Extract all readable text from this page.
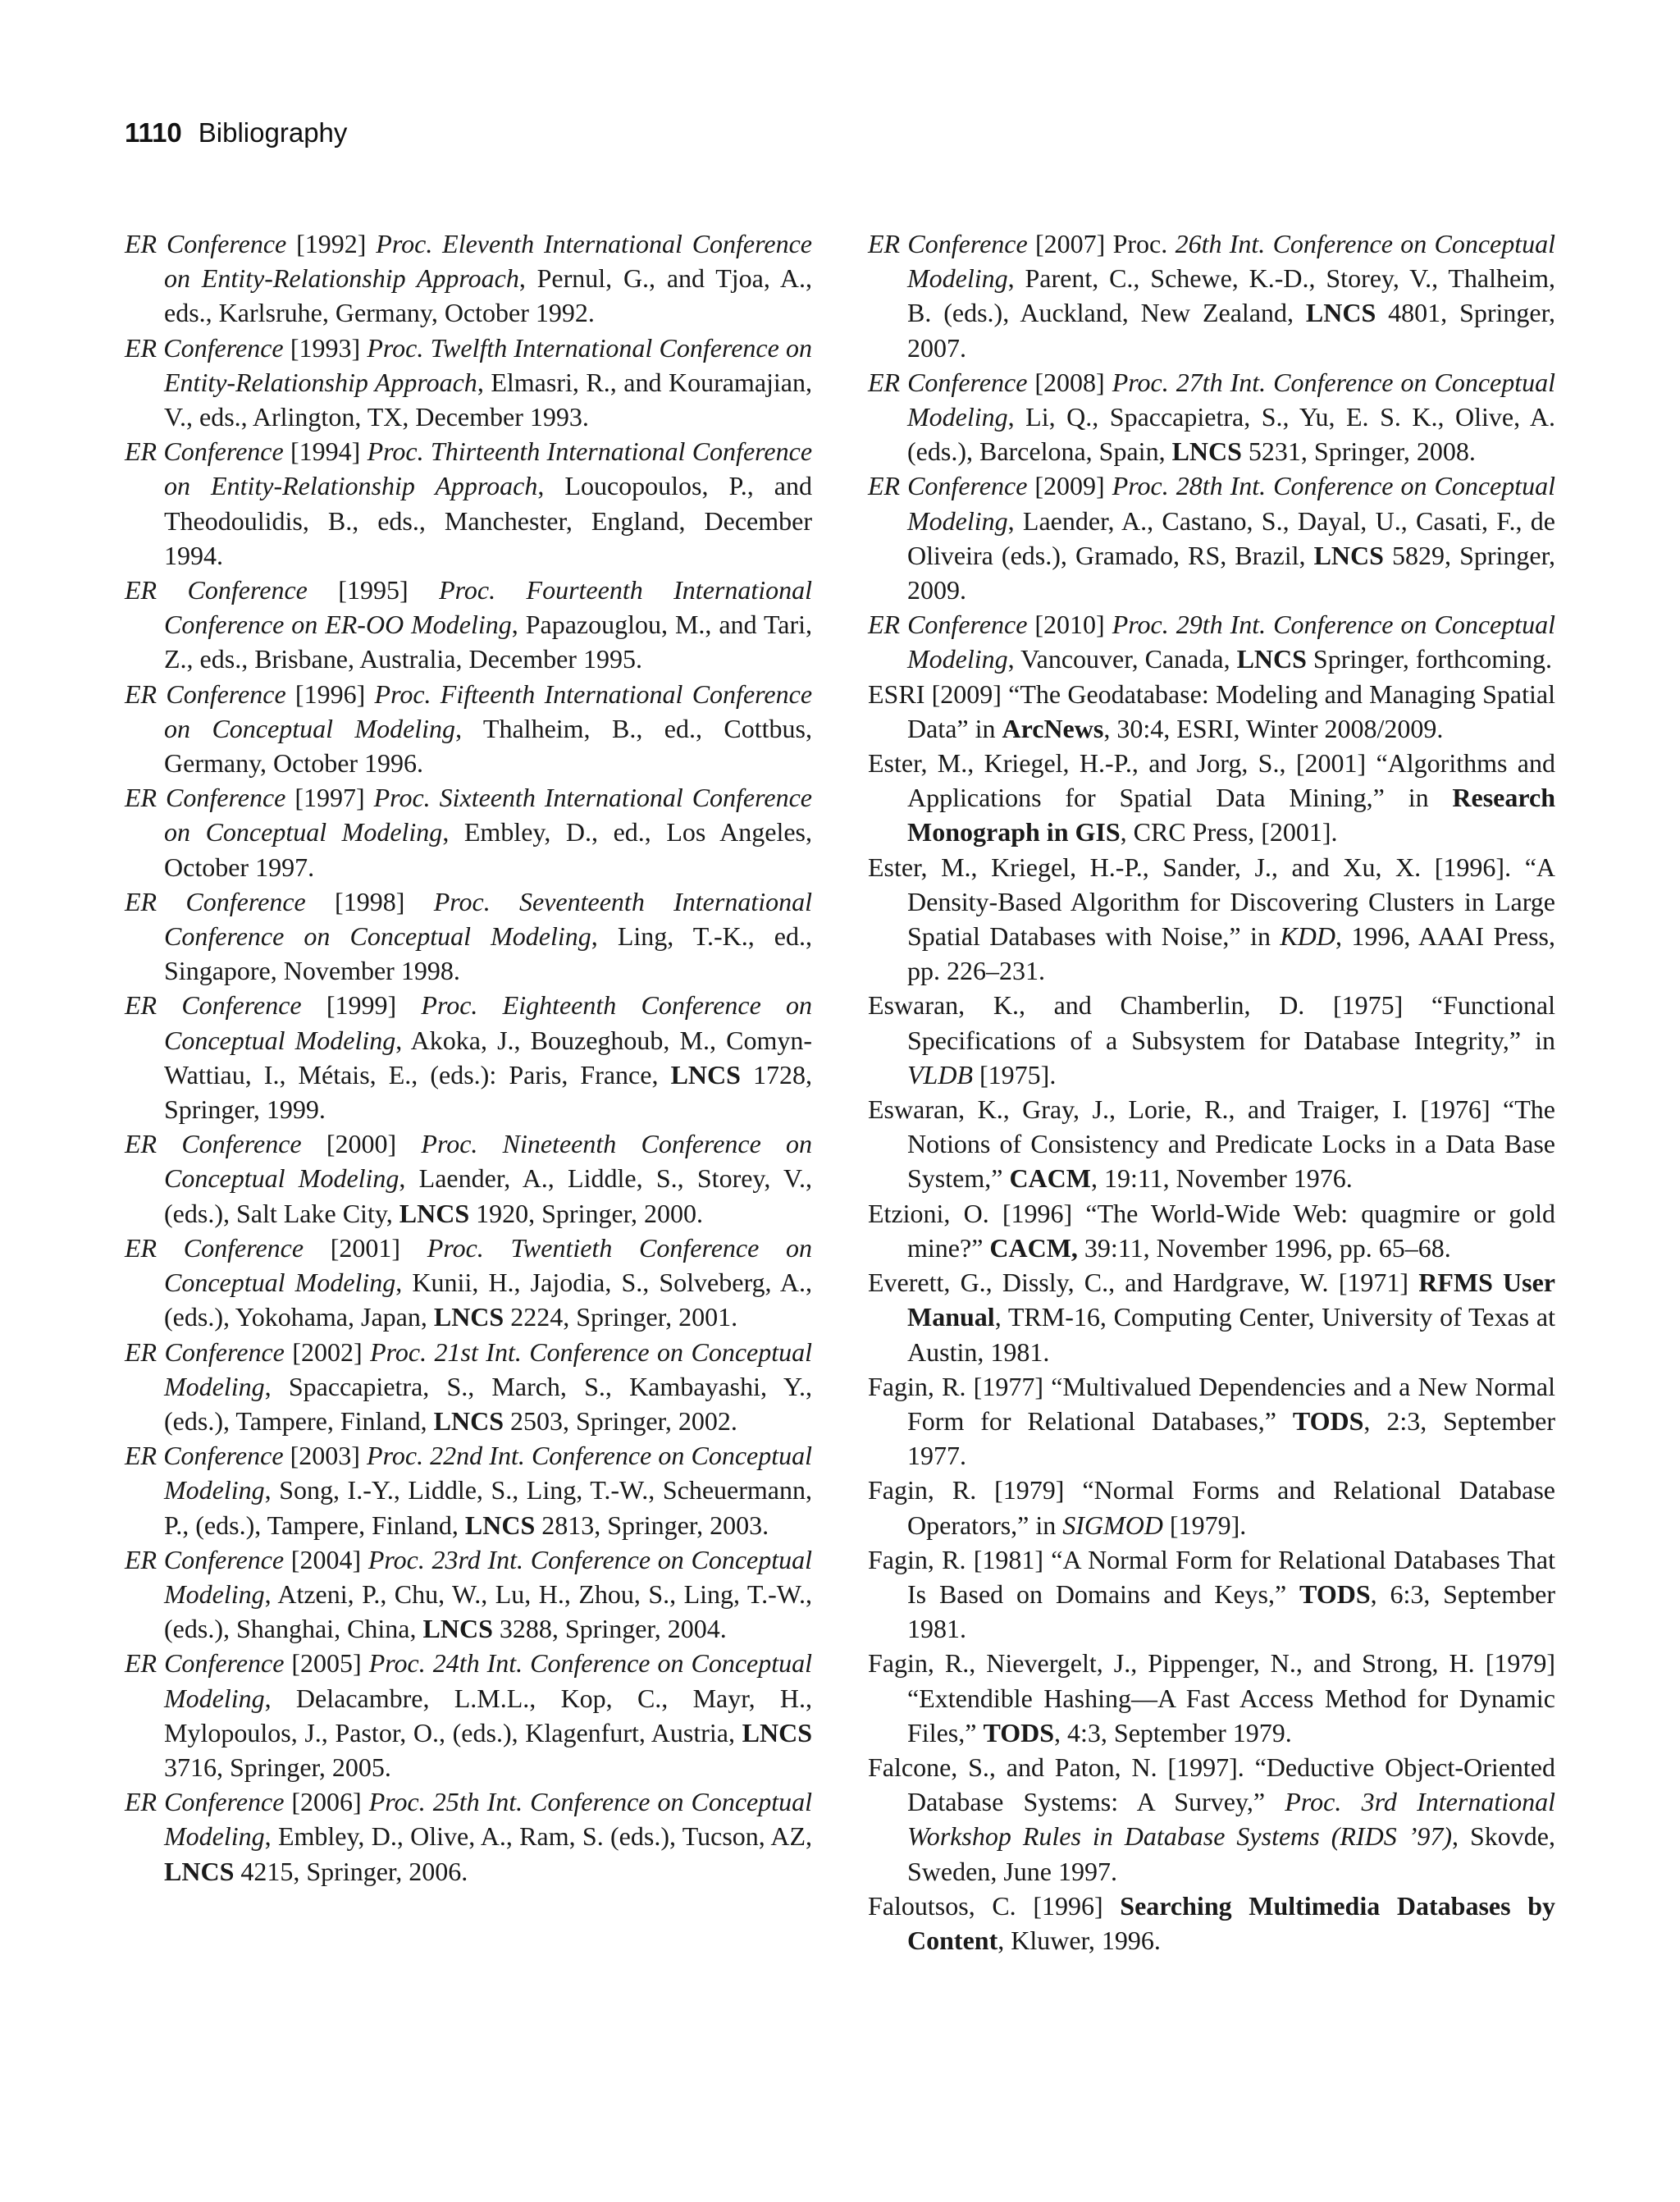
1110 Bibliography

ER Conference [1992] Proc. Eleventh International Conference on Entity-Relationship Approach, Pernul, G., and Tjoa, A., eds., Karlsruhe, Germany, October 1992.

ER Conference [1993] Proc. Twelfth International Conference on Entity-Relationship Approach, Elmasri, R., and Kouramajian, V., eds., Arlington, TX, December 1993.

ER Conference [1994] Proc. Thirteenth International Conference on Entity-Relationship Approach, Loucopoulos, P., and Theodoulidis, B., eds., Manchester, England, December 1994.

ER Conference [1995] Proc. Fourteenth International Conference on ER-OO Modeling, Papazouglou, M., and Tari, Z., eds., Brisbane, Australia, December 1995.

ER Conference [1996] Proc. Fifteenth International Conference on Conceptual Modeling, Thalheim, B., ed., Cottbus, Germany, October 1996.

ER Conference [1997] Proc. Sixteenth International Conference on Conceptual Modeling, Embley, D., ed., Los Angeles, October 1997.

ER Conference [1998] Proc. Seventeenth International Conference on Conceptual Modeling, Ling, T.-K., ed., Singapore, November 1998.

ER Conference [1999] Proc. Eighteenth Conference on Conceptual Modeling, Akoka, J., Bouzeghoub, M., Comyn-Wattiau, I., Métais, E., (eds.): Paris, France, LNCS 1728, Springer, 1999.

ER Conference [2000] Proc. Nineteenth Conference on Conceptual Modeling, Laender, A., Liddle, S., Storey, V., (eds.), Salt Lake City, LNCS 1920, Springer, 2000.

ER Conference [2001] Proc. Twentieth Conference on Conceptual Modeling, Kunii, H., Jajodia, S., Solveberg, A., (eds.), Yokohama, Japan, LNCS 2224, Springer, 2001.

ER Conference [2002] Proc. 21st Int. Conference on Conceptual Modeling, Spaccapietra, S., March, S., Kambayashi, Y., (eds.), Tampere, Finland, LNCS 2503, Springer, 2002.

ER Conference [2003] Proc. 22nd Int. Conference on Conceptual Modeling, Song, I.-Y., Liddle, S., Ling, T.-W., Scheuermann, P., (eds.), Tampere, Finland, LNCS 2813, Springer, 2003.

ER Conference [2004] Proc. 23rd Int. Conference on Conceptual Modeling, Atzeni, P., Chu, W., Lu, H., Zhou, S., Ling, T.-W., (eds.), Shanghai, China, LNCS 3288, Springer, 2004.

ER Conference [2005] Proc. 24th Int. Conference on Conceptual Modeling, Delacambre, L.M.L., Kop, C., Mayr, H., Mylopoulos, J., Pastor, O., (eds.), Klagenfurt, Austria, LNCS 3716, Springer, 2005.

ER Conference [2006] Proc. 25th Int. Conference on Conceptual Modeling, Embley, D., Olive, A., Ram, S. (eds.), Tucson, AZ, LNCS 4215, Springer, 2006.

ER Conference [2007] Proc. 26th Int. Conference on Conceptual Modeling, Parent, C., Schewe, K.-D., Storey, V., Thalheim, B. (eds.), Auckland, New Zealand, LNCS 4801, Springer, 2007.

ER Conference [2008] Proc. 27th Int. Conference on Conceptual Modeling, Li, Q., Spaccapietra, S., Yu, E. S. K., Olive, A. (eds.), Barcelona, Spain, LNCS 5231, Springer, 2008.

ER Conference [2009] Proc. 28th Int. Conference on Conceptual Modeling, Laender, A., Castano, S., Dayal, U., Casati, F., de Oliveira (eds.), Gramado, RS, Brazil, LNCS 5829, Springer, 2009.

ER Conference [2010] Proc. 29th Int. Conference on Conceptual Modeling, Vancouver, Canada, LNCS Springer, forthcoming.

ESRI [2009] “The Geodatabase: Modeling and Managing Spatial Data” in ArcNews, 30:4, ESRI, Winter 2008/2009.

Ester, M., Kriegel, H.-P., and Jorg, S., [2001] “Algorithms and Applications for Spatial Data Mining,” in Research Monograph in GIS, CRC Press, [2001].

Ester, M., Kriegel, H.-P., Sander, J., and Xu, X. [1996]. “A Density-Based Algorithm for Discovering Clusters in Large Spatial Databases with Noise,” in KDD, 1996, AAAI Press, pp. 226–231.

Eswaran, K., and Chamberlin, D. [1975] “Functional Specifications of a Subsystem for Database Integrity,” in VLDB [1975].

Eswaran, K., Gray, J., Lorie, R., and Traiger, I. [1976] “The Notions of Consistency and Predicate Locks in a Data Base System,” CACM, 19:11, November 1976.

Etzioni, O. [1996] “The World-Wide Web: quagmire or gold mine?” CACM, 39:11, November 1996, pp. 65–68.

Everett, G., Dissly, C., and Hardgrave, W. [1971] RFMS User Manual, TRM-16, Computing Center, University of Texas at Austin, 1981.

Fagin, R. [1977] “Multivalued Dependencies and a New Normal Form for Relational Databases,” TODS, 2:3, September 1977.

Fagin, R. [1979] “Normal Forms and Relational Database Operators,” in SIGMOD [1979].

Fagin, R. [1981] “A Normal Form for Relational Databases That Is Based on Domains and Keys,” TODS, 6:3, September 1981.

Fagin, R., Nievergelt, J., Pippenger, N., and Strong, H. [1979] “Extendible Hashing—A Fast Access Method for Dynamic Files,” TODS, 4:3, September 1979.

Falcone, S., and Paton, N. [1997]. “Deductive Object-Oriented Database Systems: A Survey,” Proc. 3rd International Workshop Rules in Database Systems (RIDS ’97), Skovde, Sweden, June 1997.

Faloutsos, C. [1996] Searching Multimedia Databases by Content, Kluwer, 1996.
